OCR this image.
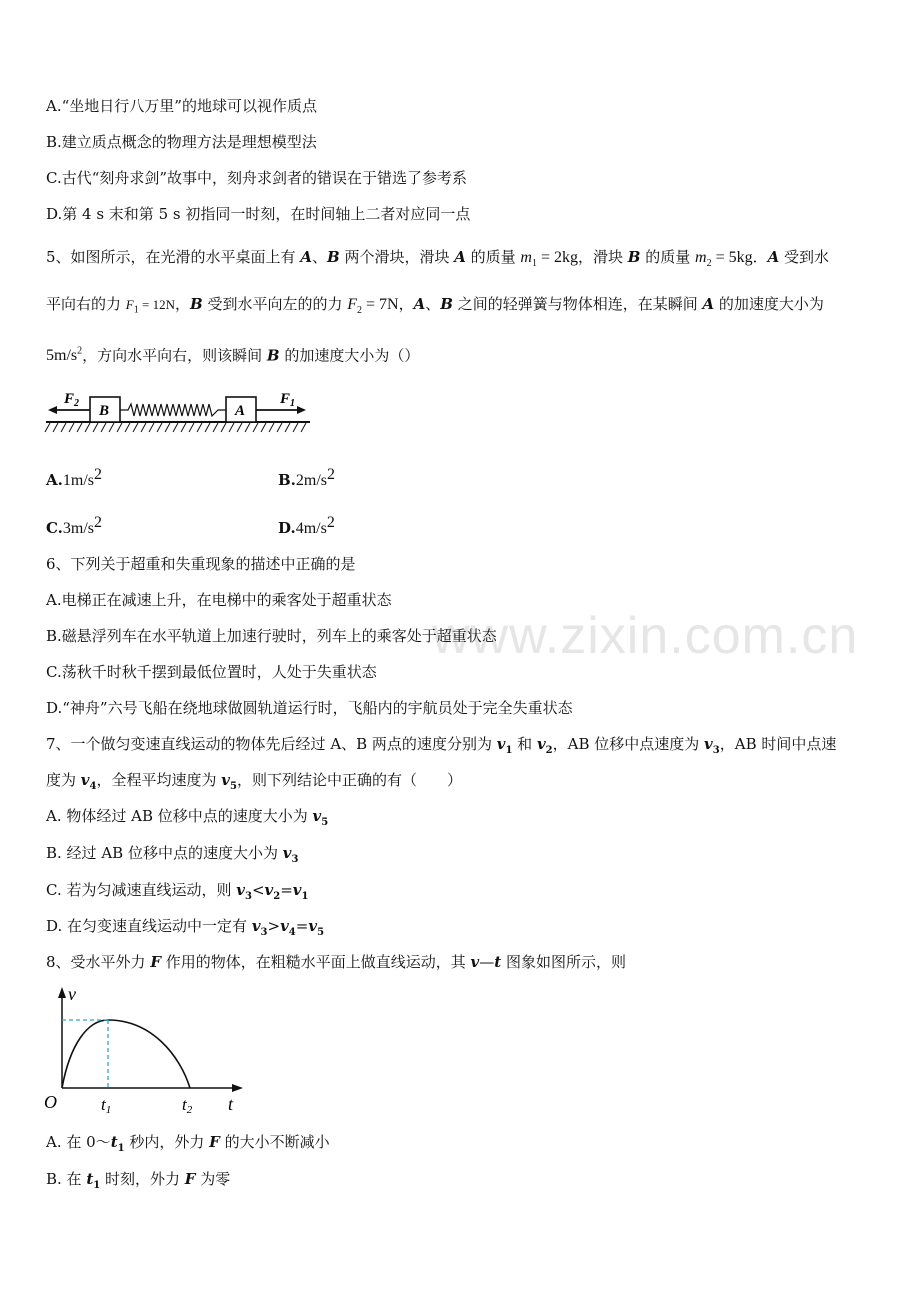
A.“坐地日行八万里”的地球可以视作质点
B.建立质点概念的物理方法是理想模型法
C.古代“刻舟求剑”故事中，刻舟求剑者的错误在于错选了参考系
D.第 4 s 末和第 5 s 初指同一时刻，在时间轴上二者对应同一点
5、如图所示，在光滑的水平桌面上有 A、B 两个滑块，滑块 A 的质量 $m_1 = 2kg$，滑块 B 的质量 $m_2 = 5kg$．A 受到水
平向右的力 $F_1 = 12N$，B 受到水平向左的的力 $F_2 = 7N$，A、B 之间的轻弹簧与物体相连，在某瞬间 A 的加速度大小为
$5m/s^2$，方向水平向右，则该瞬间 B 的加速度大小为（）
$F_2$ B	A
$F_1$
$A.1m/s^2$	$B.2m/s^2$
$C.3m/s^2$	$D.4m/s^2$
6、下列关于超重和失重现象的描述中正确的是
A.电梯正在减速上升，在电梯中的乘客处于超重状态
www.zixin.com.cn
B.磁悬浮列车在水平轨道上加速行驶时，列车上的乘客处于超重状态
C.荡秋千时秋千摆到最低位置时，人处于失重状态
D.“神舟”六号飞船在绕地球做圆轨道运行时，飞船内的宇航员处于完全失重状态
7、一个做匀变速直线运动的物体先后经过 A、B 两点的速度分别为 $v_1$ 和 $v_2$，AB 位移中点速度为 $v_3$，AB 时间中点速
度为 $v_4$，全程平均速度为 $v_5$，则下列结论中正确的有（　　）
A. 物体经过 AB 位移中点的速度大小为 $v_5$
B. 经过 AB 位移中点的速度大小为 $v_3$
C. 若为匀减速直线运动，则 $v_3<v_2=v_1$
D. 在匀变速直线运动中一定有 $v_3>v_4=v_5$
8、受水平外力 F 作用的物体，在粗糙水平面上做直线运动，其 v—t 图象如图所示，则
v
O	t1	t2 t
A. 在 $0\sim t_1$ 秒内，外力 F 的大小不断减小
B. 在 $t_1$ 时刻，外力 F 为零
